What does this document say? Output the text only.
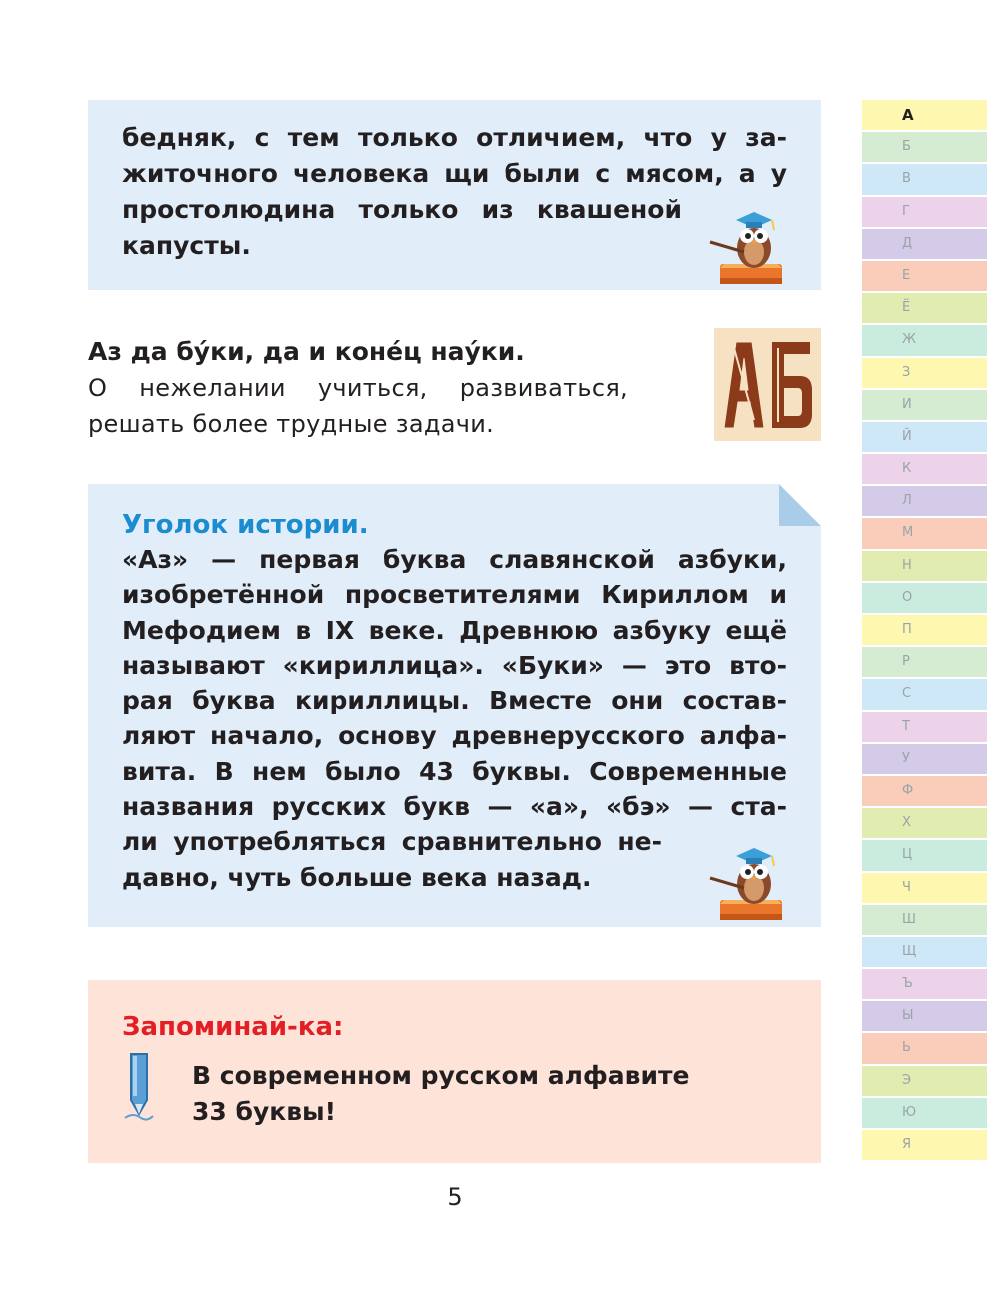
бедняк, с тем только отличием, что у за-

житочного человека щи были с мясом, а у

простолюдина только из квашеной

капусты.

Аз да бу́ки, да и коне́ц нау́ки.

О нежелании учиться, развиваться,

решать более трудные задачи.

Уголок истории.

«Аз» — первая буква славянской азбуки,
изобретённой просветителями Кириллом и
Мефодием в IX веке. Древнюю азбуку ещё
называют «кириллица». «Буки» — это вто-
рая буква кириллицы. Вместе они состав-
ляют начало, основу древнерусского алфа-
вита. В нем было 43 буквы. Современные
названия русских букв — «а», «бэ» — ста-
ли употребляться сравнительно не-
давно, чуть больше века назад.

Запоминай-ка:

В современном русском алфавите
33 буквы!
5
А
Б
В
Г
Д
Е
Ё
Ж
З
И
Й
К
Л
М
Н
О
П
Р
С
Т
У
Ф
Х
Ц
Ч
Ш
Щ
Ъ
Ы
Ь
Э
Ю
Я
